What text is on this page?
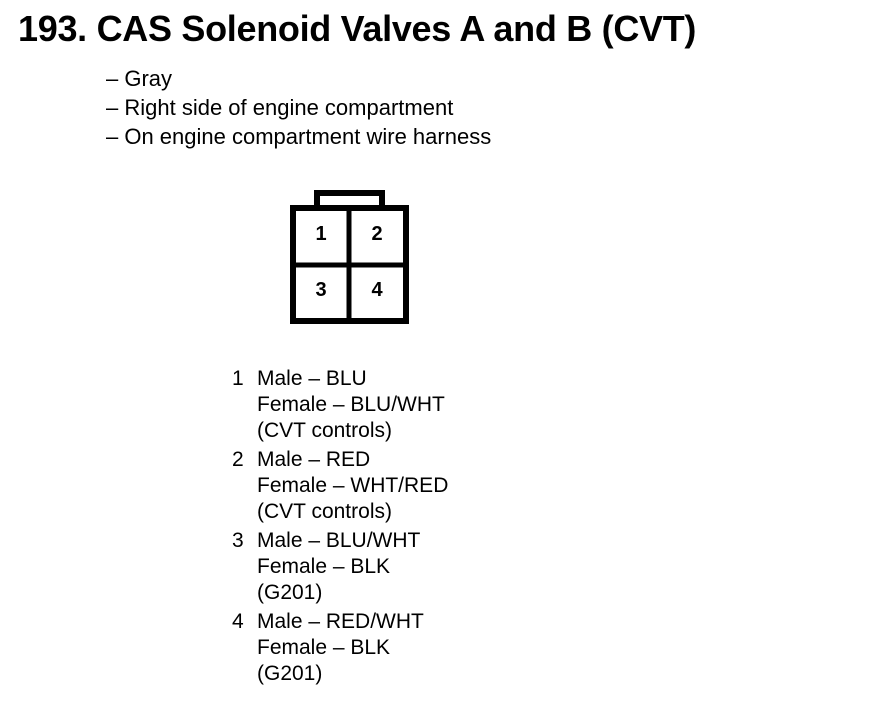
193. CAS Solenoid Valves A and B (CVT)
– Gray
– Right side of engine compartment
– On engine compartment wire harness
1 2
3 4
1 Male – BLU
Female – BLU/WHT
(CVT controls)
2 Male – RED
Female – WHT/RED
(CVT controls)
3 Male – BLU/WHT
Female – BLK
(G201)
4 Male – RED/WHT
Female – BLK
(G201)
